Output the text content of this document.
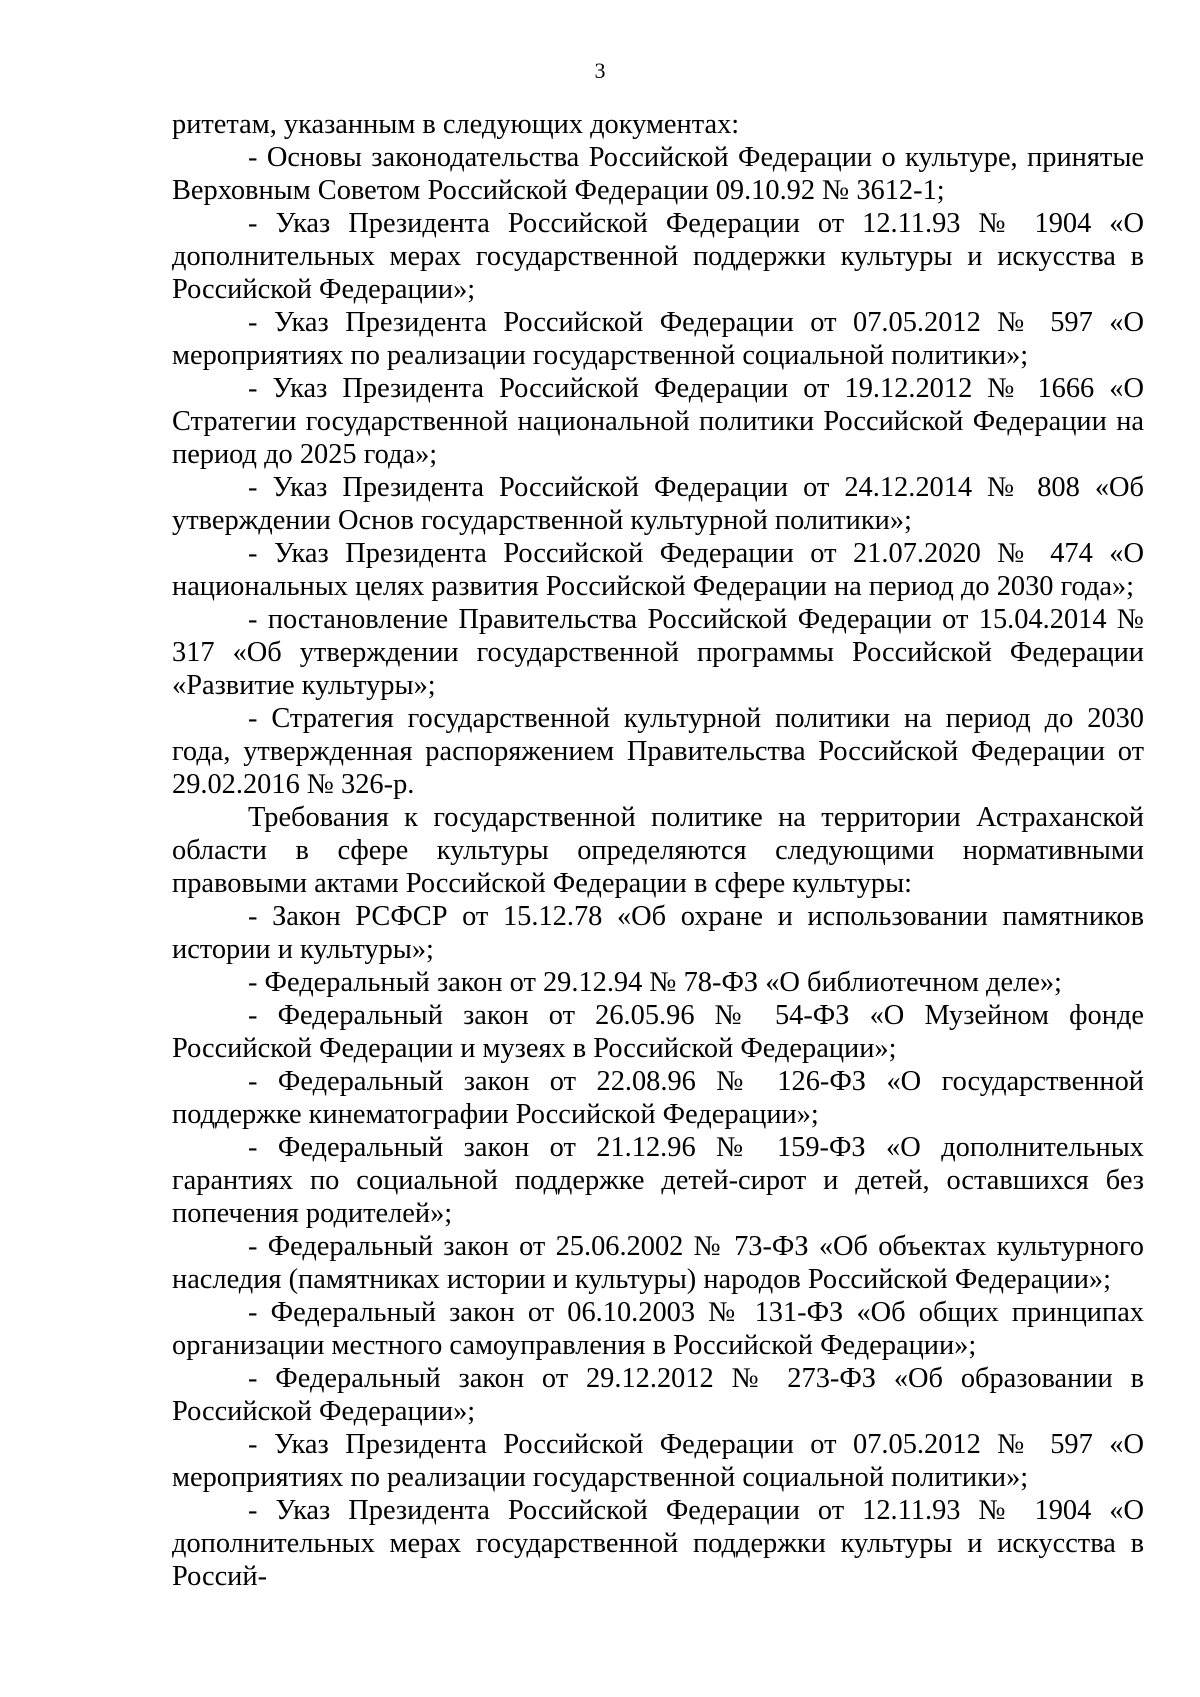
3

ритетам, указанным в следующих документах:

- Основы законодательства Российской Федерации о культуре, принятые Верховным Советом Российской Федерации 09.10.92 № 3612-1;

- Указ Президента Российской Федерации от 12.11.93 № 1904 «О дополнительных мерах государственной поддержки культуры и искусства в Российской Федерации»;

- Указ Президента Российской Федерации от 07.05.2012 № 597 «О мероприятиях по реализации государственной социальной политики»;

- Указ Президента Российской Федерации от 19.12.2012 № 1666 «О Стратегии государственной национальной политики Российской Федерации на период до 2025 года»;

- Указ Президента Российской Федерации от 24.12.2014 № 808 «Об утверждении Основ государственной культурной политики»;

- Указ Президента Российской Федерации от 21.07.2020 № 474 «О национальных целях развития Российской Федерации на период до 2030 года»;

- постановление Правительства Российской Федерации от 15.04.2014 № 317 «Об утверждении государственной программы Российской Федерации «Развитие культуры»;

- Стратегия государственной культурной политики на период до 2030 года, утвержденная распоряжением Правительства Российской Федерации от 29.02.2016 № 326-р.

Требования к государственной политике на территории Астраханской области в сфере культуры определяются следующими нормативными правовыми актами Российской Федерации в сфере культуры:

- Закон РСФСР от 15.12.78 «Об охране и использовании памятников истории и культуры»;

- Федеральный закон от 29.12.94 № 78-ФЗ «О библиотечном деле»;

- Федеральный закон от 26.05.96 № 54-ФЗ «О Музейном фонде Российской Федерации и музеях в Российской Федерации»;

- Федеральный закон от 22.08.96 № 126-ФЗ «О государственной поддержке кинематографии Российской Федерации»;

- Федеральный закон от 21.12.96 № 159-ФЗ «О дополнительных гарантиях по социальной поддержке детей-сирот и детей, оставшихся без попечения родителей»;

- Федеральный закон от 25.06.2002 № 73-ФЗ «Об объектах культурного наследия (памятниках истории и культуры) народов Российской Федерации»;

- Федеральный закон от 06.10.2003 № 131-ФЗ «Об общих принципах организации местного самоуправления в Российской Федерации»;

- Федеральный закон от 29.12.2012 № 273-ФЗ «Об образовании в Российской Федерации»;

- Указ Президента Российской Федерации от 07.05.2012 № 597 «О мероприятиях по реализации государственной социальной политики»;

- Указ Президента Российской Федерации от 12.11.93 № 1904 «О дополнительных мерах государственной поддержки культуры и искусства в Россий-
